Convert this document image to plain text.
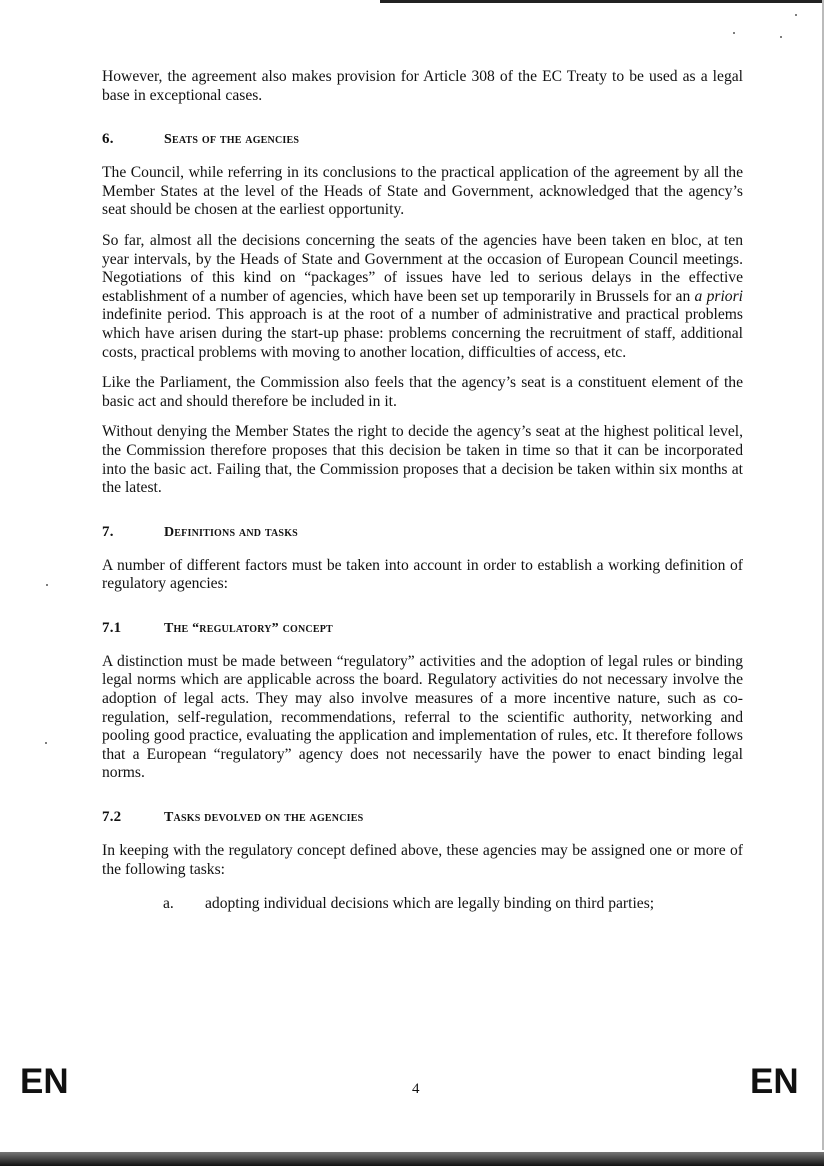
However, the agreement also makes provision for Article 308 of the EC Treaty to be used as a legal base in exceptional cases.

6.	Seats of the agencies

The Council, while referring in its conclusions to the practical application of the agreement by all the Member States at the level of the Heads of State and Government, acknowledged that the agency’s seat should be chosen at the earliest opportunity.

So far, almost all the decisions concerning the seats of the agencies have been taken en bloc, at ten year intervals, by the Heads of State and Government at the occasion of European Council meetings. Negotiations of this kind on “packages” of issues have led to serious delays in the effective establishment of a number of agencies, which have been set up temporarily in Brussels for an a priori indefinite period. This approach is at the root of a number of administrative and practical problems which have arisen during the start-up phase: problems concerning the recruitment of staff, additional costs, practical problems with moving to another location, difficulties of access, etc.

Like the Parliament, the Commission also feels that the agency’s seat is a constituent element of the basic act and should therefore be included in it.

Without denying the Member States the right to decide the agency’s seat at the highest political level, the Commission therefore proposes that this decision be taken in time so that it can be incorporated into the basic act. Failing that, the Commission proposes that a decision be taken within six months at the latest.

7.	Definitions and tasks

A number of different factors must be taken into account in order to establish a working definition of regulatory agencies:

7.1	The “regulatory” concept

A distinction must be made between “regulatory” activities and the adoption of legal rules or binding legal norms which are applicable across the board. Regulatory activities do not necessary involve the adoption of legal acts. They may also involve measures of a more incentive nature, such as co-regulation, self-regulation, recommendations, referral to the scientific authority, networking and pooling good practice, evaluating the application and implementation of rules, etc. It therefore follows that a European “regulatory” agency does not necessarily have the power to enact binding legal norms.

7.2	Tasks devolved on the agencies

In keeping with the regulatory concept defined above, these agencies may be assigned one or more of the following tasks:

a.	adopting individual decisions which are legally binding on third parties;
EN	4	EN
